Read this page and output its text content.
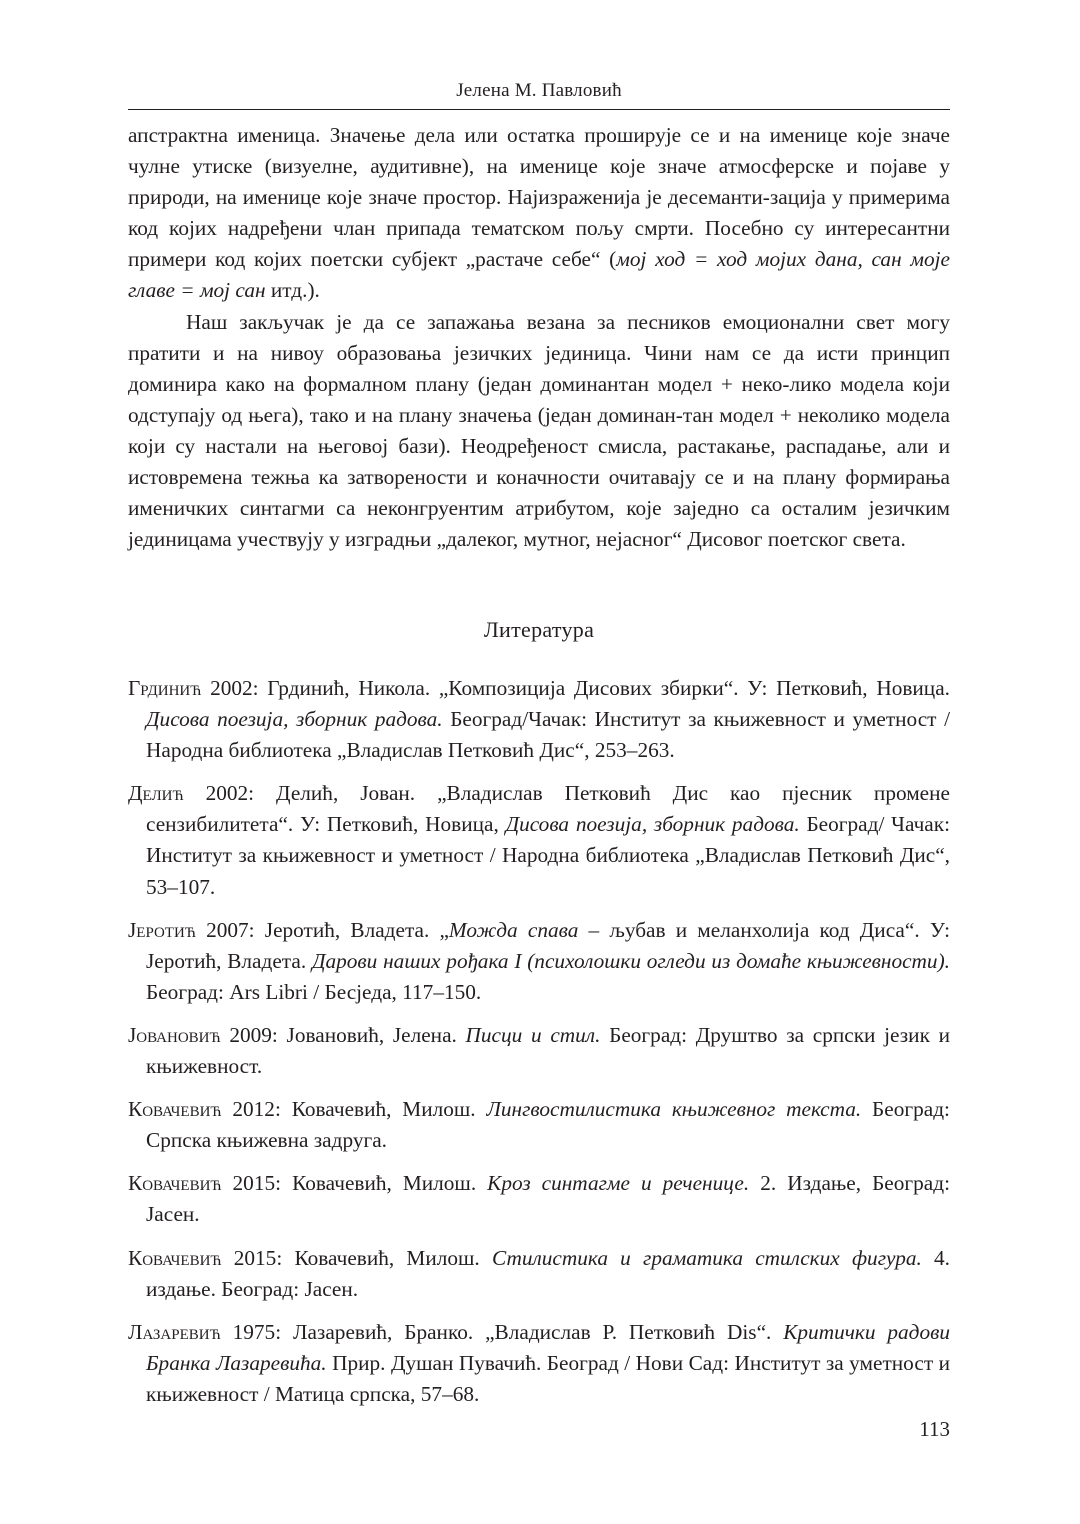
Јелена М. Павловић

апстрактна именица. Значење дела или остатка проширује се и на именице које значе чулне утиске (визуелне, аудитивне), на именице које значе атмосферске и појаве у природи, на именице које значе простор. Најизраженија је десеманти-зација у примерима код којих надређени члан припада тематском пољу смрти. Посебно су интересантни примери код којих поетски субјект „растаче себе“ (мој ход = ход мојих дана, сан моје главе = мој сан итд.).

Наш закључак је да се запажања везана за песников емоционални свет могу пратити и на нивоу образовања језичких јединица. Чини нам се да исти принцип доминира како на формалном плану (један доминантан модел + неко-лико модела који одступају од њега), тако и на плану значења (један доминан-тан модел + неколико модела који су настали на његовој бази). Неодређеност смисла, растакање, распадање, али и истовремена тежња ка затворености и коначности очитавају се и на плану формирања именичких синтагми са неконгруентим атрибутом, које заједно са осталим језичким јединицама учествују у изградњи „далеког, мутног, нејасног“ Дисовог поетског света.

Литература

Грдинић 2002: Грдинић, Никола. „Композиција Дисових збирки“. У: Петковић, Новица. Дисова поезија, зборник радова. Београд/Чачак: Институт за књижевност и уметност / Народна библиотека „Владислав Петковић Дис“, 253–263.

Делић 2002: Делић, Јован. „Владислав Петковић Дис као пјесник промене сензибилитета“. У: Петковић, Новица, Дисова поезија, зборник радова. Београд/ Чачак: Институт за књижевност и уметност / Народна библиотека „Владислав Петковић Дис“, 53–107.

Јеротић 2007: Јеротић, Владета. „Можда спава – љубав и меланхолија код Диса“. У: Јеротић, Владета. Дарови наших рођака I (психолошки огледи из домаће књижевности). Београд: Ars Libri / Бесједа, 117–150.

Јовановић 2009: Јовановић, Јелена. Писци и стил. Београд: Друштво за српски језик и књижевност.

Ковачевић 2012: Ковачевић, Милош. Лингвостилистика књижевног текста. Београд: Српска књижевна задруга.

Ковачевић 2015: Ковачевић, Милош. Кроз синтагме и реченице. 2. Издање, Београд: Јасен.

Ковачевић 2015: Ковачевић, Милош. Стилистика и граматика стилских фигура. 4. издање. Београд: Јасен.

Лазаревић 1975: Лазаревић, Бранко. „Владислав Р. Петковић Dis“. Критички радови Бранка Лазаревића. Прир. Душан Пувачић. Београд / Нови Сад: Институт за уметност и књижевност / Матица српска, 57–68.

113
